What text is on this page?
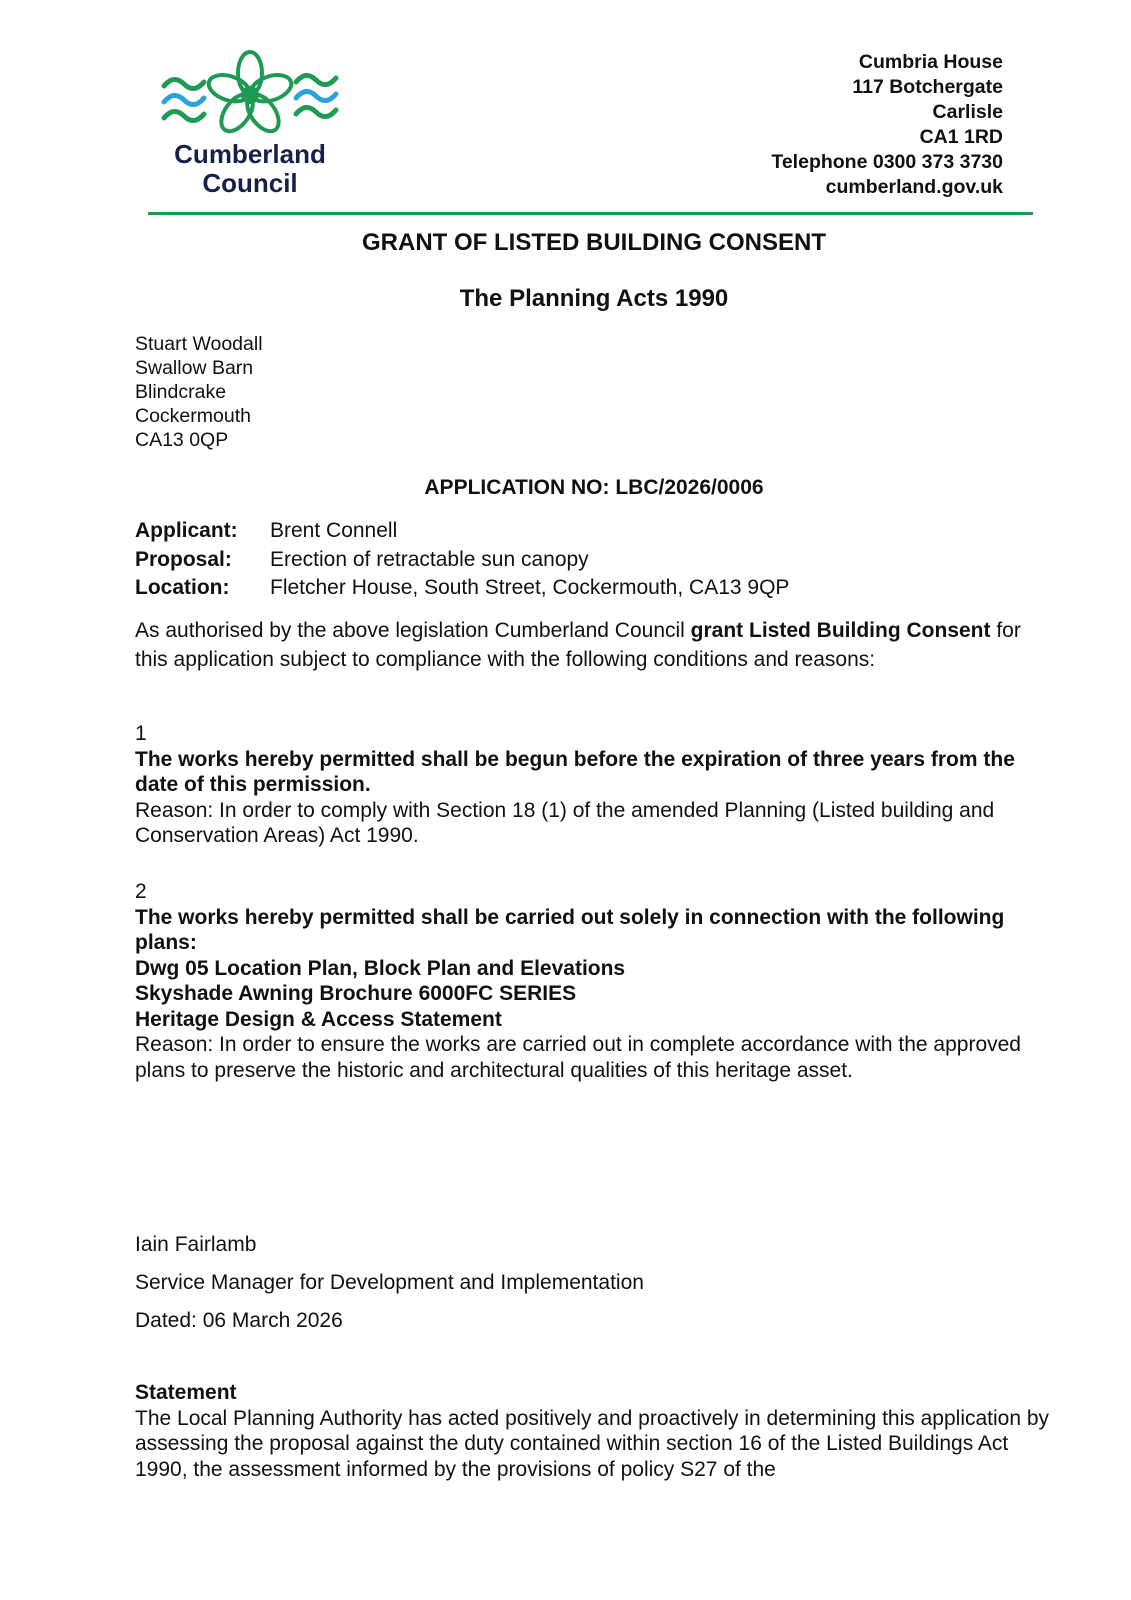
Cumberland
Council
Cumbria House
117 Botchergate
Carlisle
CA1 1RD
Telephone 0300 373 3730
cumberland.gov.uk
GRANT OF LISTED BUILDING CONSENT
The Planning Acts 1990
Stuart Woodall
Swallow Barn
Blindcrake
Cockermouth
CA13 0QP
APPLICATION NO: LBC/2026/0006
Applicant:	Brent Connell
Proposal:	Erection of retractable sun canopy
Location:	Fletcher House, South Street, Cockermouth, CA13 9QP
As authorised by the above legislation Cumberland Council grant Listed Building Consent for this application subject to compliance with the following conditions and reasons:
1
The works hereby permitted shall be begun before the expiration of three years from the date of this permission.
Reason: In order to comply with Section 18 (1) of the amended Planning (Listed building and Conservation Areas) Act 1990.
2
The works hereby permitted shall be carried out solely in connection with the following plans:
Dwg 05 Location Plan, Block Plan and Elevations
Skyshade Awning Brochure 6000FC SERIES
Heritage Design & Access Statement
Reason: In order to ensure the works are carried out in complete accordance with the approved plans to preserve the historic and architectural qualities of this heritage asset.
Iain Fairlamb
Service Manager for Development and Implementation
Dated: 06 March 2026
Statement
The Local Planning Authority has acted positively and proactively in determining this application by assessing the proposal against the duty contained within section 16 of the Listed Buildings Act 1990, the assessment informed by the provisions of policy S27 of the
